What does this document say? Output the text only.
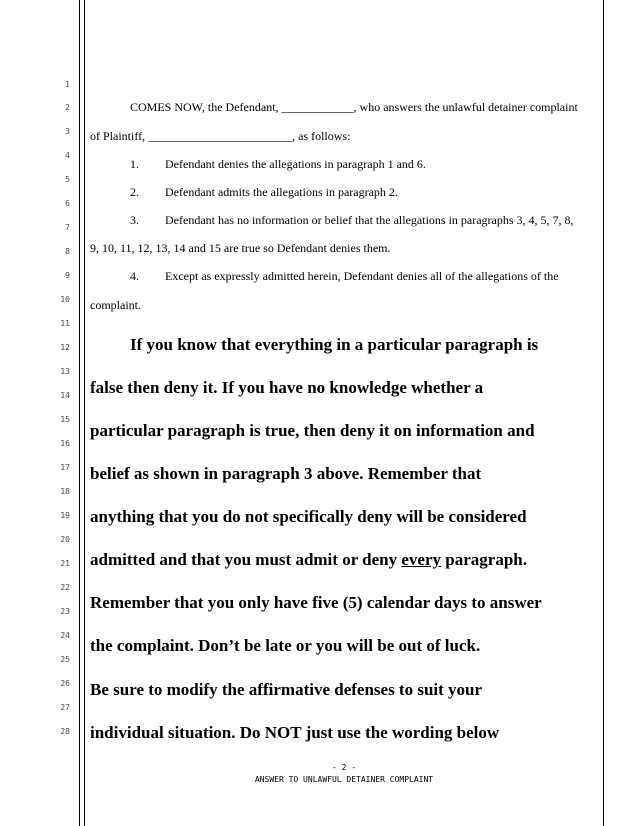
1
2
3
4
5
6
7
8
9
10
11
12
13
14
15
16
17
18
19
20
21
22
23
24
25
26
27
28
COMES NOW, the Defendant, ____________, who answers the unlawful detainer complaint
of Plaintiff, ________________________, as follows:
1. Defendant denies the allegations in paragraph 1 and 6.
2. Defendant admits the allegations in paragraph 2.
3. Defendant has no information or belief that the allegations in paragraphs 3, 4, 5, 7, 8,
9, 10, 11, 12, 13, 14 and 15 are true so Defendant denies them.
4. Except as expressly admitted herein, Defendant denies all of the allegations of the
complaint.
If you know that everything in a particular paragraph is
false then deny it. If you have no knowledge whether a
particular paragraph is true, then deny it on information and
belief as shown in paragraph 3 above. Remember that
anything that you do not specifically deny will be considered
admitted and that you must admit or deny every paragraph.
Remember that you only have five (5) calendar days to answer
the complaint. Don’t be late or you will be out of luck.
Be sure to modify the affirmative defenses to suit your
individual situation. Do NOT just use the wording below
- 2 -
ANSWER TO UNLAWFUL DETAINER COMPLAINT
